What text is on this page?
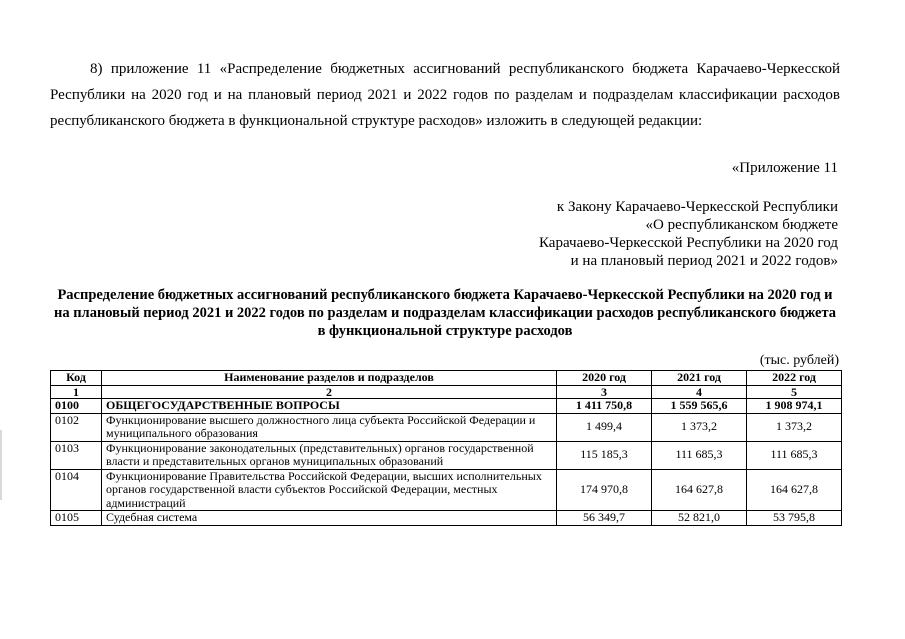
8) приложение 11 «Распределение бюджетных ассигнований республиканского бюджета Карачаево-Черкесской Республики на 2020 год и на плановый период 2021 и 2022 годов по разделам и подразделам классификации расходов республиканского бюджета в функциональной структуре расходов» изложить в следующей редакции:

«Приложение 11

к Закону Карачаево-Черкесской Республики
«О республиканском бюджете
Карачаево-Черкесской Республики на 2020 год
и на плановый период 2021 и 2022 годов»

Распределение бюджетных ассигнований республиканского бюджета Карачаево-Черкесской Республики на 2020 год и на плановый период 2021 и 2022 годов по разделам и подразделам классификации расходов республиканского бюджета в функциональной структуре расходов

(тыс. рублей)

Код	Наименование разделов и подразделов	2020 год	2021 год	2022 год
1	2	3	4	5
0100	ОБЩЕГОСУДАРСТВЕННЫЕ ВОПРОСЫ	1 411 750,8	1 559 565,6	1 908 974,1
0102	Функционирование высшего должностного лица субъекта Российской Федерации и муниципального образования	1 499,4	1 373,2	1 373,2
0103	Функционирование законодательных (представительных) органов государственной власти и представительных органов муниципальных образований	115 185,3	111 685,3	111 685,3
0104	Функционирование Правительства Российской Федерации, высших исполнительных органов государственной власти субъектов Российской Федерации, местных администраций	174 970,8	164 627,8	164 627,8
0105	Судебная система	56 349,7	52 821,0	53 795,8
